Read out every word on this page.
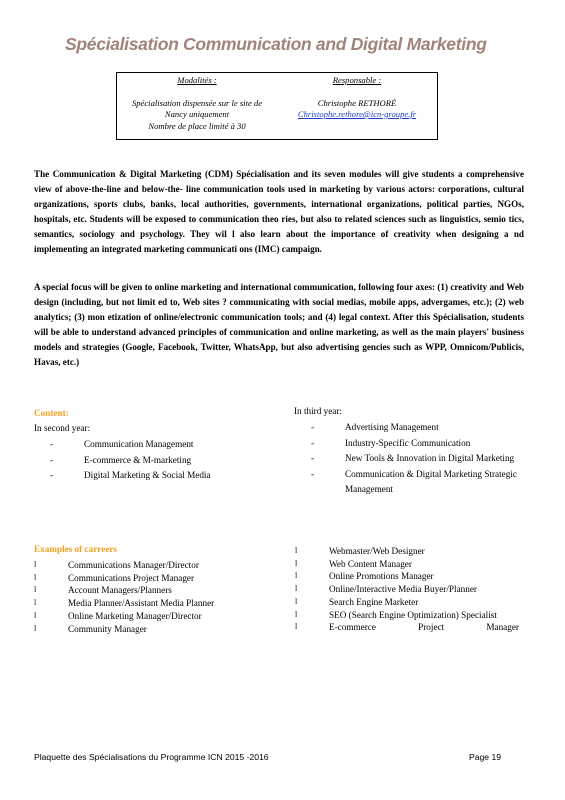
Spécialisation Communication and Digital Marketing
Modalités :
Spécialisation dispensée sur le site de
Nancy uniquement
Nombre de place limité à 30
Responsable :
Christophe RETHORÉ
Christophe.rethore@icn-groupe.fr
The Communication & Digital Marketing (CDM) Spécialisation and its seven modules will give students a comprehensive view of above-the-line and below-the- line communication tools used in marketing by various actors: corporations, cultural organizations, sports clubs, banks, local authorities, governments, international organizations, political parties, NGOs, hospitals, etc. Students will be exposed to communication theo ries, but also to related sciences such as linguistics, semio tics, semantics, sociology and psychology. They wil l also learn about the importance of creativity when designing a nd implementing an integrated marketing communicati ons (IMC) campaign.
A special focus will be given to online marketing and international communication, following four axes: (1) creativity and Web design (including, but not limit ed to, Web sites ? communicating with social medias, mobile apps, advergames, etc.); (2) web analytics; (3) mon etization of online/electronic communication tools; and (4) legal context. After this Spécialisation, students will be able to understand advanced principles of communication and online marketing, as well as the main players' business models and strategies (Google, Facebook, Twitter, WhatsApp, but also advertising gencies such as WPP, Omnicom/Publicis, Havas, etc.)
Content:
In second year:
-	Communication Management
-	E-commerce & M-marketing
-	Digital Marketing & Social Media
In third year:
-	Advertising Management
-	Industry-Specific Communication
-	New Tools & Innovation in Digital Marketing
-	Communication & Digital Marketing Strategic Management
Examples of carreers
l	Communications Manager/Director
l	Communications Project Manager
l	Account Managers/Planners
l	Media Planner/Assistant Media Planner
l	Online Marketing Manager/Director
l	Community Manager
l	Webmaster/Web Designer
l	Web Content Manager
l	Online Promotions Manager
l	Online/Interactive Media Buyer/Planner
l	Search Engine Marketer
l	SEO (Search Engine Optimization) Specialist
l	E-commerce	Project	Manager
Plaquette des Spécialisations du Programme ICN 2015 -2016	Page 19
